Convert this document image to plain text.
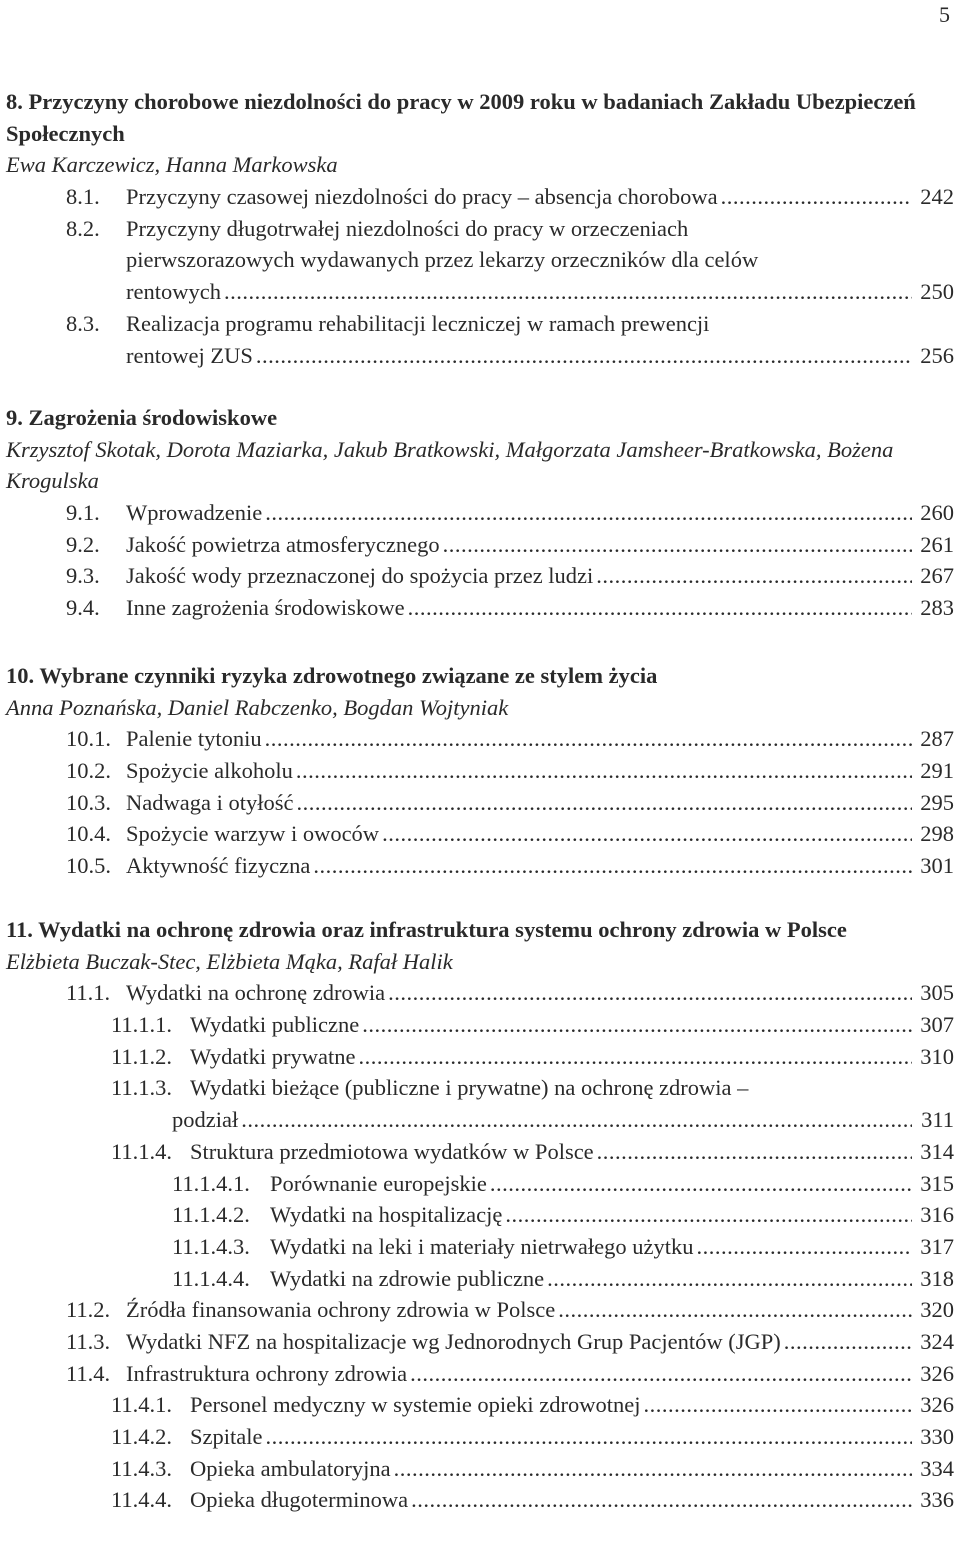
5
8. Przyczyny chorobowe niezdolności do pracy w 2009 roku w badaniach Zakładu Ubezpieczeń Społecznych

Ewa Karczewicz, Hanna Markowska

8.1. Przyczyny czasowej niezdolności do pracy – absencja chorobowa .....	242
8.2. Przyczyny długotrwałej niezdolności do pracy w orzeczeniach
pierwszorazowych wydawanych przez lekarzy orzeczników dla celów
rentowych .....	250
8.3. Realizacja programu rehabilitacji leczniczej w ramach prewencji
rentowej ZUS .....	256
9. Zagrożenia środowiskowe

Krzysztof Skotak, Dorota Maziarka, Jakub Bratkowski, Małgorzata Jamsheer-Bratkowska, Bożena Krogulska

9.1. Wprowadzenie .....	260
9.2. Jakość powietrza atmosferycznego .....	261
9.3. Jakość wody przeznaczonej do spożycia przez ludzi .....	267
9.4. Inne zagrożenia środowiskowe .....	283
10. Wybrane czynniki ryzyka zdrowotnego związane ze stylem życia

Anna Poznańska, Daniel Rabczenko, Bogdan Wojtyniak

10.1. Palenie tytoniu .....	287
10.2. Spożycie alkoholu .....	291
10.3. Nadwaga i otyłość .....	295
10.4. Spożycie warzyw i owoców .....	298
10.5. Aktywność fizyczna .....	301
11. Wydatki na ochronę zdrowia oraz infrastruktura systemu ochrony zdrowia w Polsce

Elżbieta Buczak-Stec, Elżbieta Mąka, Rafał Halik

11.1. Wydatki na ochronę zdrowia .....	305
11.1.1. Wydatki publiczne .....	307
11.1.2. Wydatki prywatne .....	310
11.1.3. Wydatki bieżące (publiczne i prywatne) na ochronę zdrowia –
podział .....	311
11.1.4. Struktura przedmiotowa wydatków w Polsce .....	314
11.1.4.1. Porównanie europejskie .....	315
11.1.4.2. Wydatki na hospitalizację .....	316
11.1.4.3. Wydatki na leki i materiały nietrwałego użytku .....	317
11.1.4.4. Wydatki na zdrowie publiczne .....	318
11.2. Źródła finansowania ochrony zdrowia w Polsce .....	320
11.3. Wydatki NFZ na hospitalizacje wg Jednorodnych Grup Pacjentów (JGP) .....	324
11.4. Infrastruktura ochrony zdrowia .....	326
11.4.1. Personel medyczny w systemie opieki zdrowotnej .....	326
11.4.2. Szpitale .....	330
11.4.3. Opieka ambulatoryjna .....	334
11.4.4. Opieka długoterminowa .....	336
